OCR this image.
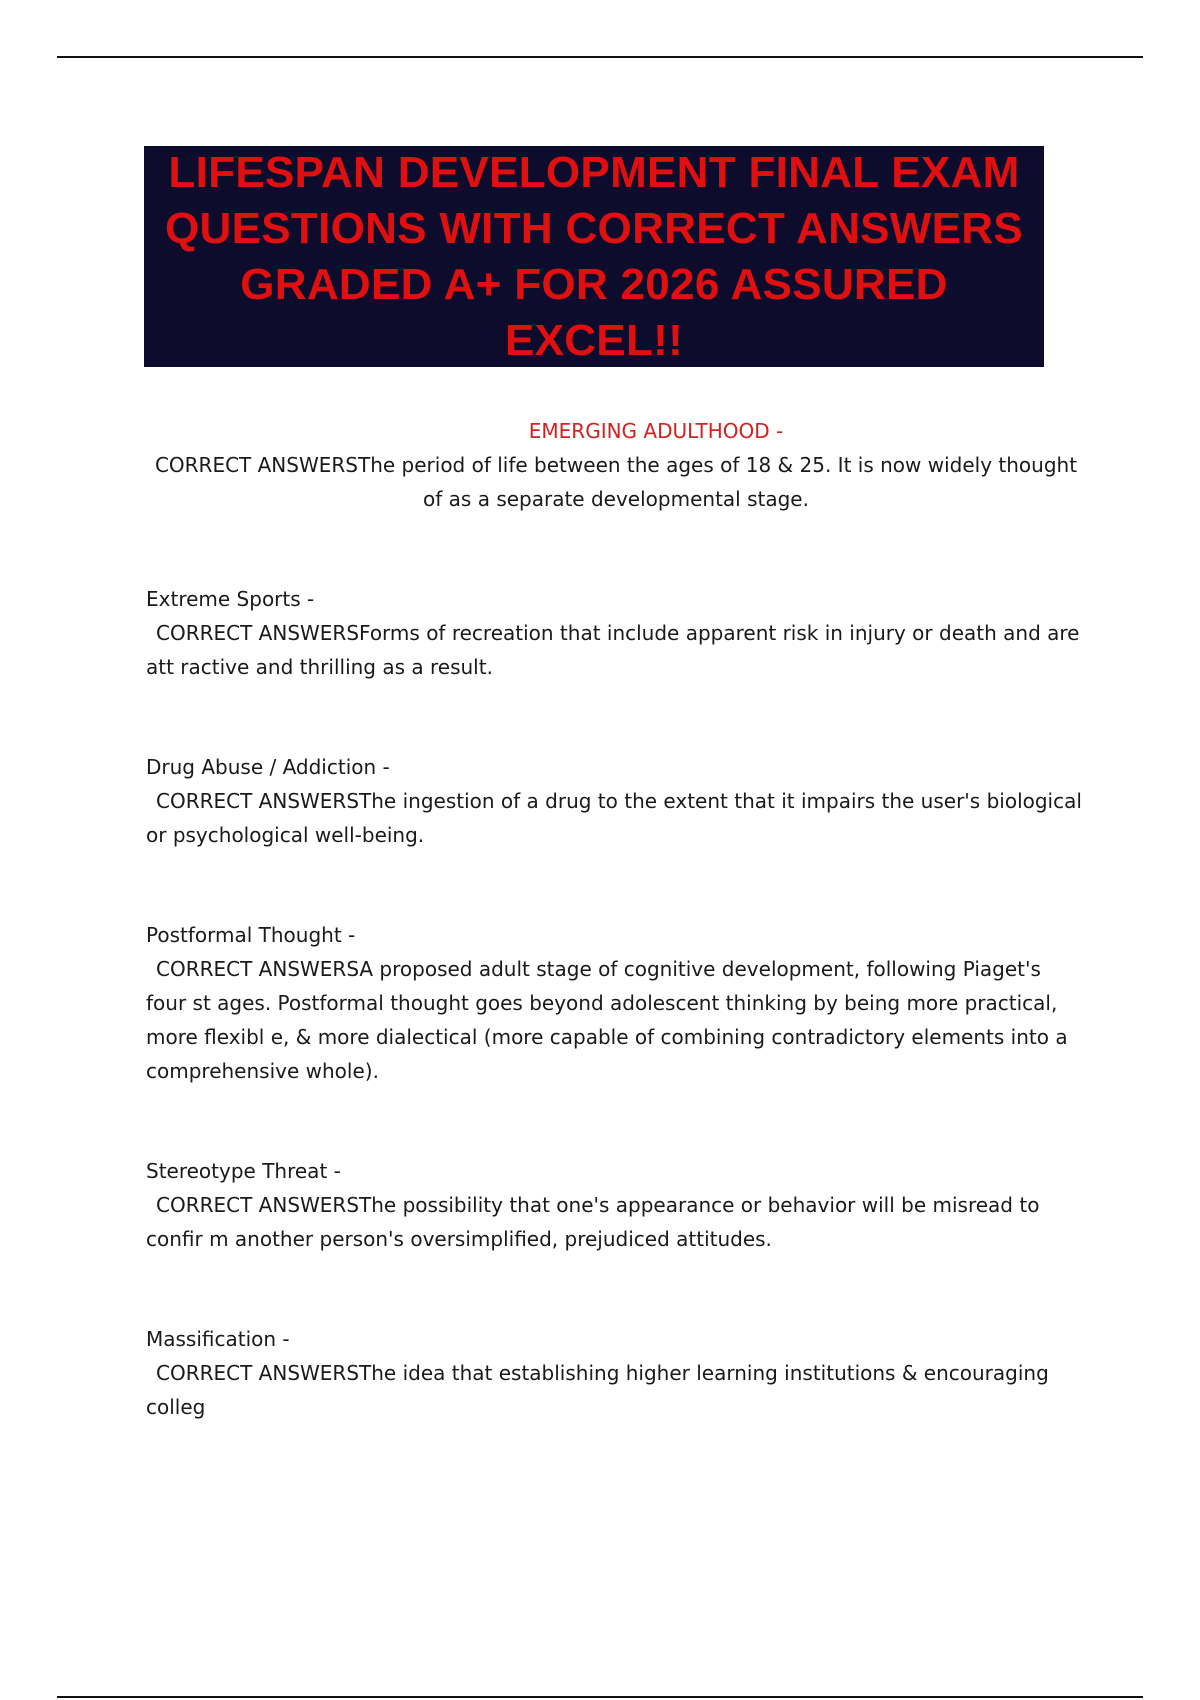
LIFESPAN DEVELOPMENT FINAL EXAM QUESTIONS WITH CORRECT ANSWERS GRADED A+ FOR 2026 ASSURED EXCEL!!
EMERGING ADULTHOOD -

CORRECT ANSWERSThe period of life between the ages of 18 & 25. It is now widely thought of as a separate developmental stage.

Extreme Sports -

CORRECT ANSWERSForms of recreation that include apparent risk in injury or death and are att ractive and thrilling as a result.

Drug Abuse / Addiction -

CORRECT ANSWERSThe ingestion of a drug to the extent that it impairs the user's biological or psychological well-being.

Postformal Thought -

CORRECT ANSWERSA proposed adult stage of cognitive development, following Piaget's four st ages. Postformal thought goes beyond adolescent thinking by being more practical, more flexibl e, & more dialectical (more capable of combining contradictory elements into a comprehensive whole).

Stereotype Threat -

CORRECT ANSWERSThe possibility that one's appearance or behavior will be misread to confir m another person's oversimplified, prejudiced attitudes.

Massification -

CORRECT ANSWERSThe idea that establishing higher learning institutions & encouraging colleg
